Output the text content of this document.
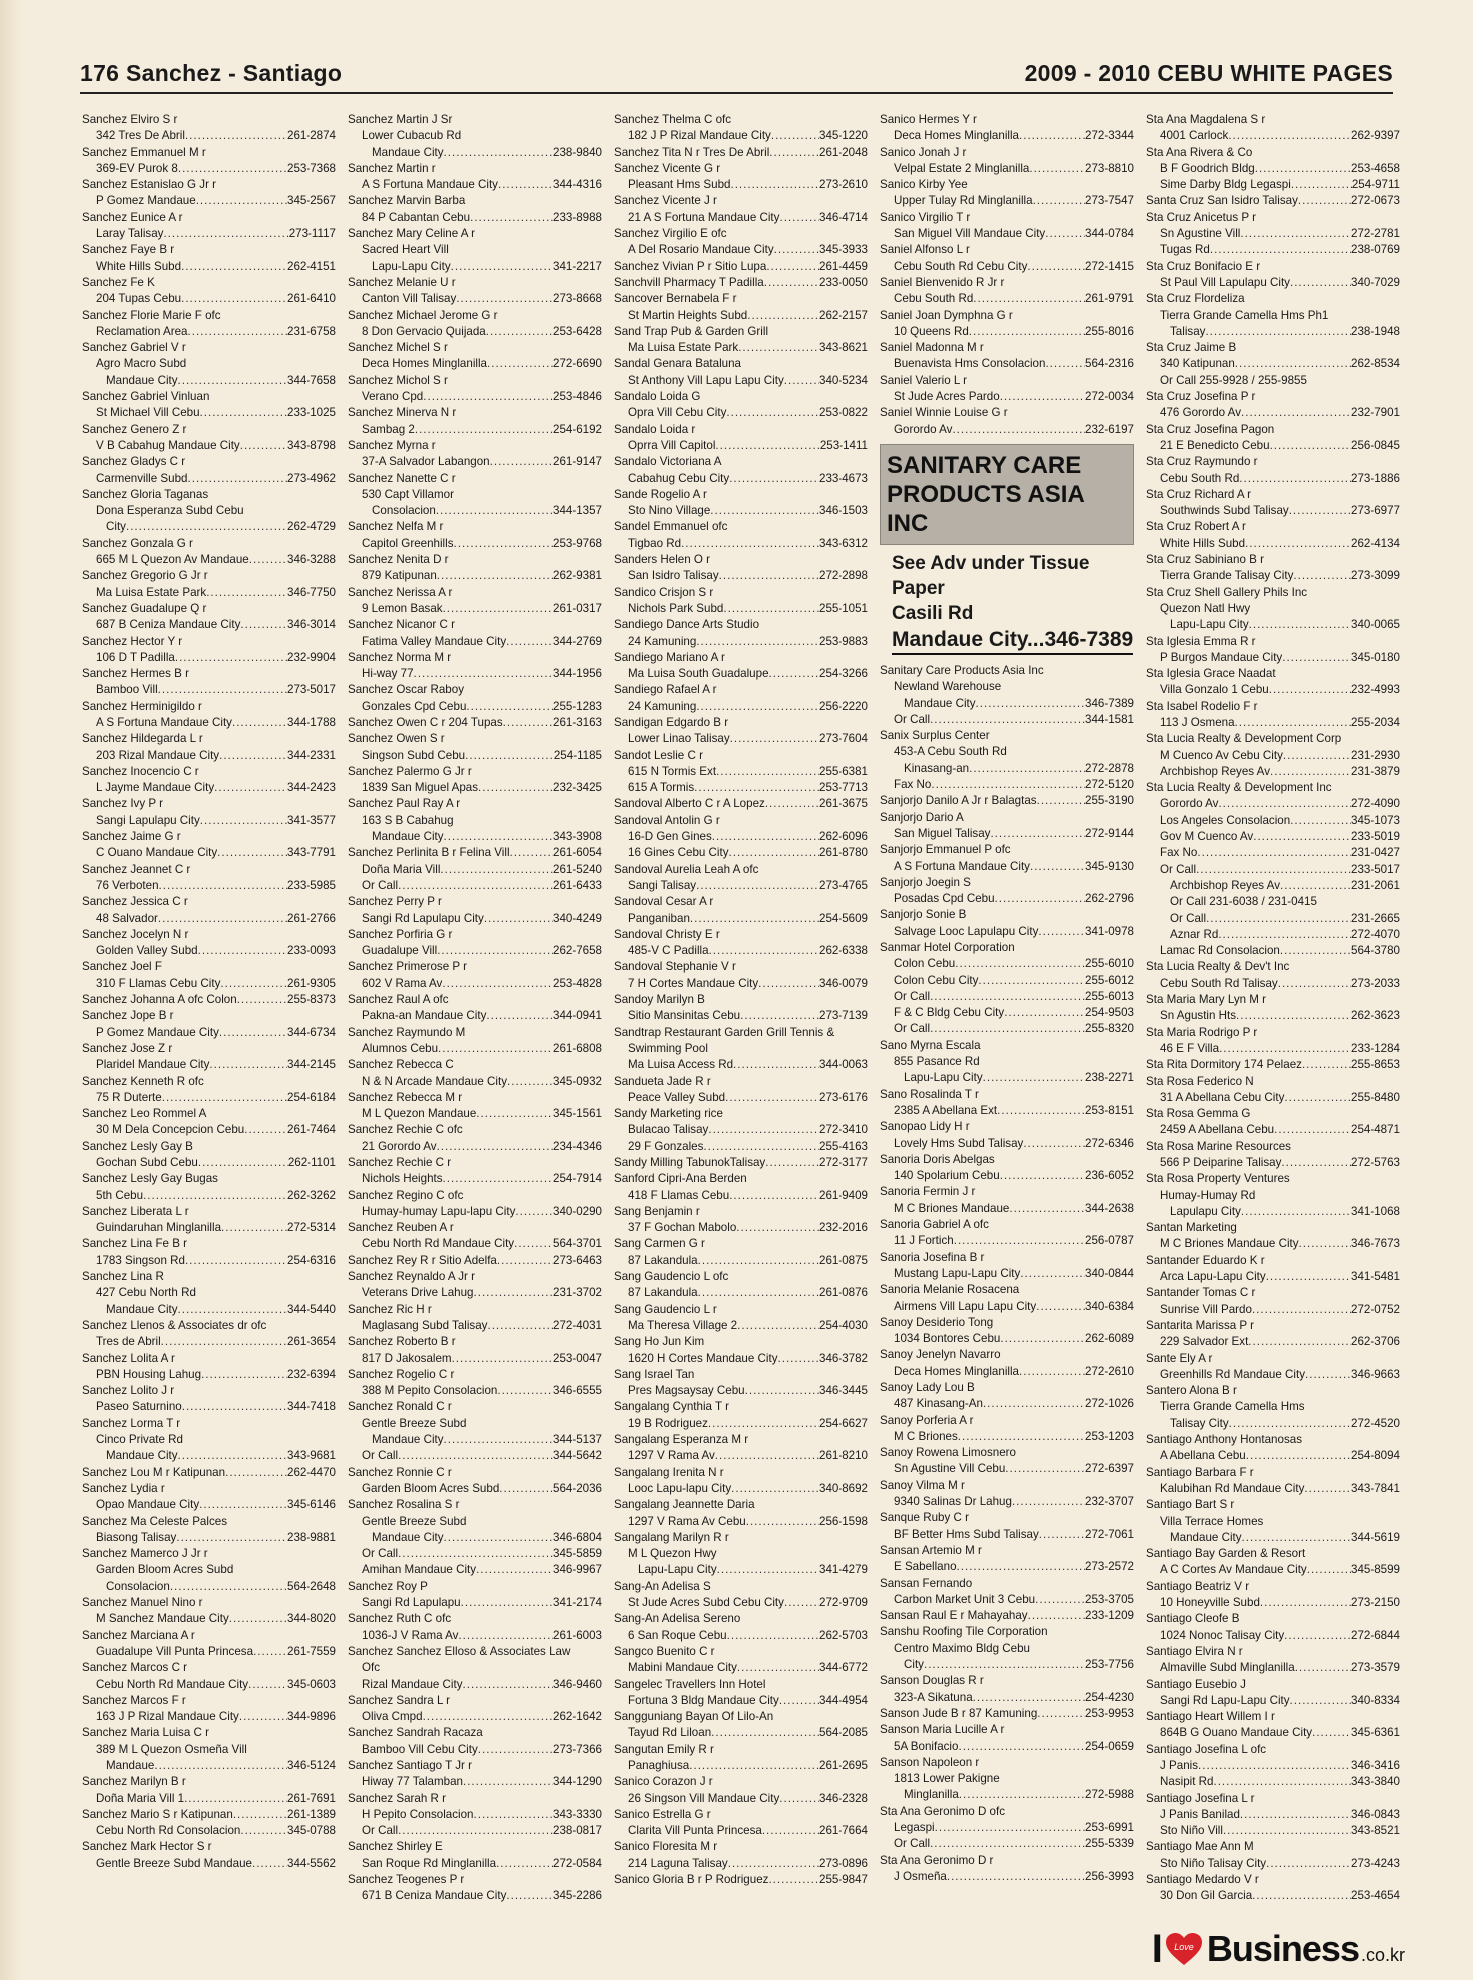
176 Sanchez - Santiago	2009 - 2010 CEBU WHITE PAGES
Sanchez Elviro S r
342 Tres De Abril .....	261-2874
Sanchez Emmanuel M r
369-EV Purok 8 .....	253-7368
Sanchez Estanislao G Jr r
P Gomez Mandaue .....	345-2567
Sanchez Eunice A r
Laray Talisay .....	273-1117
Sanchez Faye B r
White Hills Subd .....	262-4151
Sanchez Fe K
204 Tupas Cebu .....	261-6410
Sanchez Florie Marie F ofc
Reclamation Area .....	231-6758
Sanchez Gabriel V r
Agro Macro Subd
Mandaue City .....	344-7658
Sanchez Gabriel Vinluan
St Michael Vill Cebu .....	233-1025
Sanchez Genero Z r
V B Cabahug Mandaue City .....	343-8798
Sanchez Gladys C r
Carmenville Subd .....	273-4962
Sanchez Gloria Taganas
Dona Esperanza Subd Cebu
City .....	262-4729
Sanchez Gonzala G r
665 M L Quezon Av Mandaue .....	346-3288
Sanchez Gregorio G Jr r
Ma Luisa Estate Park .....	346-7750
Sanchez Guadalupe Q r
687 B Ceniza Mandaue City .....	346-3014
Sanchez Hector Y r
106 D T Padilla .....	232-9904
Sanchez Hermes B r
Bamboo Vill .....	273-5017
Sanchez Herminigildo r
A S Fortuna Mandaue City .....	344-1788
Sanchez Hildegarda L r
203 Rizal Mandaue City .....	344-2331
Sanchez Inocencio C r
L Jayme Mandaue City .....	344-2423
Sanchez Ivy P r
Sangi Lapulapu City .....	341-3577
Sanchez Jaime G r
C Ouano Mandaue City .....	343-7791
Sanchez Jeannet C r
76 Verboten .....	233-5985
Sanchez Jessica C r
48 Salvador .....	261-2766
Sanchez Jocelyn N r
Golden Valley Subd .....	233-0093
Sanchez Joel F
310 F Llamas Cebu City .....	261-9305
Sanchez Johanna A ofc Colon .....	255-8373
Sanchez Jope B r
P Gomez Mandaue City .....	344-6734
Sanchez Jose Z r
Plaridel Mandaue City .....	344-2145
Sanchez Kenneth R ofc
75 R Duterte .....	254-6184
Sanchez Leo Rommel A
30 M Dela Concepcion Cebu .....	261-7464
Sanchez Lesly Gay B
Gochan Subd Cebu .....	262-1101
Sanchez Lesly Gay Bugas
5th Cebu .....	262-3262
Sanchez Liberata L r
Guindaruhan Minglanilla .....	272-5314
Sanchez Lina Fe B r
1783 Singson Rd .....	254-6316
Sanchez Lina R
427 Cebu North Rd
Mandaue City .....	344-5440
Sanchez Llenos & Associates dr ofc
Tres de Abril .....	261-3654
Sanchez Lolita A r
PBN Housing Lahug .....	232-6394
Sanchez Lolito J r
Paseo Saturnino .....	344-7418
Sanchez Lorma T r
Cinco Private Rd
Mandaue City .....	343-9681
Sanchez Lou M r Katipunan .....	262-4470
Sanchez Lydia r
Opao Mandaue City .....	345-6146
Sanchez Ma Celeste Palces
Biasong Talisay .....	238-9881
Sanchez Mamerco J Jr r
Garden Bloom Acres Subd
Consolacion .....	564-2648
Sanchez Manuel Nino r
M Sanchez Mandaue City .....	344-8020
Sanchez Marciana A r
Guadalupe Vill Punta Princesa .....	261-7559
Sanchez Marcos C r
Cebu North Rd Mandaue City .....	345-0603
Sanchez Marcos F r
163 J P Rizal Mandaue City .....	344-9896
Sanchez Maria Luisa C r
389 M L Quezon Osmeña Vill
Mandaue .....	346-5124
Sanchez Marilyn B r
Doña Maria Vill 1 .....	261-7691
Sanchez Mario S r Katipunan .....	261-1389
Cebu North Rd Consolacion .....	345-0788
Sanchez Mark Hector S r
Gentle Breeze Subd Mandaue .....	344-5562
Sanchez Martin J Sr
Lower Cubacub Rd
Mandaue City .....	238-9840
Sanchez Martin r
A S Fortuna Mandaue City .....	344-4316
Sanchez Marvin Barba
84 P Cabantan Cebu .....	233-8988
Sanchez Mary Celine A r
Sacred Heart Vill
Lapu-Lapu City .....	341-2217
Sanchez Melanie U r
Canton Vill Talisay .....	273-8668
Sanchez Michael Jerome G r
8 Don Gervacio Quijada .....	253-6428
Sanchez Michel S r
Deca Homes Minglanilla .....	272-6690
Sanchez Michol S r
Verano Cpd .....	253-4846
Sanchez Minerva N r
Sambag 2 .....	254-6192
Sanchez Myrna r
37-A Salvador Labangon .....	261-9147
Sanchez Nanette C r
530 Capt Villamor
Consolacion .....	344-1357
Sanchez Nelfa M r
Capitol Greenhills .....	253-9768
Sanchez Nenita D r
879 Katipunan .....	262-9381
Sanchez Nerissa A r
9 Lemon Basak .....	261-0317
Sanchez Nicanor C r
Fatima Valley Mandaue City .....	344-2769
Sanchez Norma M r
Hi-way 77 .....	344-1956
Sanchez Oscar Raboy
Gonzales Cpd Cebu .....	255-1283
Sanchez Owen C r 204 Tupas .....	261-3163
Sanchez Owen S r
Singson Subd Cebu .....	254-1185
Sanchez Palermo G Jr r
1839 San Miguel Apas .....	232-3425
Sanchez Paul Ray A r
163 S B Cabahug
Mandaue City .....	343-3908
Sanchez Perlinita B r Felina Vill .....	261-6054
Doña Maria Vill .....	261-5240
Or Call .....	261-6433
Sanchez Perry P r
Sangi Rd Lapulapu City .....	340-4249
Sanchez Porfiria G r
Guadalupe Vill .....	262-7658
Sanchez Primerose P r
602 V Rama Av .....	253-4828
Sanchez Raul A ofc
Pakna-an Mandaue City .....	344-0941
Sanchez Raymundo M
Alumnos Cebu .....	261-6808
Sanchez Rebecca C
N & N Arcade Mandaue City .....	345-0932
Sanchez Rebecca M r
M L Quezon Mandaue .....	345-1561
Sanchez Rechie C ofc
21 Gorordo Av .....	234-4346
Sanchez Rechie C r
Nichols Heights .....	254-7914
Sanchez Regino C ofc
Humay-humay Lapu-lapu City .....	340-0290
Sanchez Reuben A r
Cebu North Rd Mandaue City .....	564-3701
Sanchez Rey R r Sitio Adelfa .....	273-6463
Sanchez Reynaldo A Jr r
Veterans Drive Lahug .....	231-3702
Sanchez Ric H r
Maglasang Subd Talisay .....	272-4031
Sanchez Roberto B r
817 D Jakosalem .....	253-0047
Sanchez Rogelio C r
388 M Pepito Consolacion .....	346-6555
Sanchez Ronald C r
Gentle Breeze Subd
Mandaue City .....	344-5137
Or Call .....	344-5642
Sanchez Ronnie C r
Garden Bloom Acres Subd .....	564-2036
Sanchez Rosalina S r
Gentle Breeze Subd
Mandaue City .....	346-6804
Or Call .....	345-5859
Amihan Mandaue City .....	346-9967
Sanchez Roy P
Sangi Rd Lapulapu .....	341-2174
Sanchez Ruth C ofc
1036-J V Rama Av .....	261-6003
Sanchez Sanchez Elloso & Associates Law
Ofc
Rizal Mandaue City .....	346-9460
Sanchez Sandra L r
Oliva Cmpd .....	262-1642
Sanchez Sandrah Racaza
Bamboo Vill Cebu City .....	273-7366
Sanchez Santiago T Jr r
Hiway 77 Talamban .....	344-1290
Sanchez Sarah R r
H Pepito Consolacion .....	343-3330
Or Call .....	238-0817
Sanchez Shirley E
San Roque Rd Minglanilla .....	272-0584
Sanchez Teogenes P r
671 B Ceniza Mandaue City .....	345-2286
Sanchez Thelma C ofc
182 J P Rizal Mandaue City .....	345-1220
Sanchez Tita N r Tres De Abril .....	261-2048
Sanchez Vicente G r
Pleasant Hms Subd .....	273-2610
Sanchez Vicente J r
21 A S Fortuna Mandaue City .....	346-4714
Sanchez Virgilio E ofc
A Del Rosario Mandaue City .....	345-3933
Sanchez Vivian P r Sitio Lupa .....	261-4459
Sanchvill Pharmacy T Padilla .....	233-0050
Sancover Bernabela F r
St Martin Heights Subd .....	262-2157
Sand Trap Pub & Garden Grill
Ma Luisa Estate Park .....	343-8621
Sandal Genara Bataluna
St Anthony Vill Lapu Lapu City .....	340-5234
Sandalo Loida G
Opra Vill Cebu City .....	253-0822
Sandalo Loida r
Oprra Vill Capitol .....	253-1411
Sandalo Victoriana A
Cabahug Cebu City .....	233-4673
Sande Rogelio A r
Sto Nino Village .....	346-1503
Sandel Emmanuel ofc
Tigbao Rd .....	343-6312
Sanders Helen O r
San Isidro Talisay .....	272-2898
Sandico Crisjon S r
Nichols Park Subd .....	255-1051
Sandiego Dance Arts Studio
24 Kamuning .....	253-9883
Sandiego Mariano A r
Ma Luisa South Guadalupe .....	254-3266
Sandiego Rafael A r
24 Kamuning .....	256-2220
Sandigan Edgardo B r
Lower Linao Talisay .....	273-7604
Sandot Leslie C r
615 N Tormis Ext .....	255-6381
615 A Tormis .....	253-7713
Sandoval Alberto C r A Lopez .....	261-3675
Sandoval Antolin G r
16-D Gen Gines .....	262-6096
16 Gines Cebu City .....	261-8780
Sandoval Aurelia Leah A ofc
Sangi Talisay .....	273-4765
Sandoval Cesar A r
Panganiban .....	254-5609
Sandoval Christy E r
485-V C Padilla .....	262-6338
Sandoval Stephanie V r
7 H Cortes Mandaue City .....	346-0079
Sandoy Marilyn B
Sitio Mansinitas Cebu .....	273-7139
Sandtrap Restaurant Garden Grill Tennis &
Swimming Pool
Ma Luisa Access Rd .....	344-0063
Sandueta Jade R r
Peace Valley Subd .....	273-6176
Sandy Marketing rice
Bulacao Talisay .....	272-3410
29 F Gonzales .....	255-4163
Sandy Milling TabunokTalisay .....	272-3177
Sanford Cipri-Ana Berden
418 F Llamas Cebu .....	261-9409
Sang Benjamin r
37 F Gochan Mabolo .....	232-2016
Sang Carmen G r
87 Lakandula .....	261-0875
Sang Gaudencio L ofc
87 Lakandula .....	261-0876
Sang Gaudencio L r
Ma Theresa Village 2 .....	254-4030
Sang Ho Jun Kim
1620 H Cortes Mandaue City .....	346-3782
Sang Israel Tan
Pres Magsaysay Cebu .....	346-3445
Sangalang Cynthia T r
19 B Rodriguez .....	254-6627
Sangalang Esperanza M r
1297 V Rama Av .....	261-8210
Sangalang Irenita N r
Looc Lapu-lapu City .....	340-8692
Sangalang Jeannette Daria
1297 V Rama Av Cebu .....	256-1598
Sangalang Marilyn R r
M L Quezon Hwy
Lapu-Lapu City .....	341-4279
Sang-An Adelisa S
St Jude Acres Subd Cebu City .....	272-9709
Sang-An Adelisa Sereno
6 San Roque Cebu .....	262-5703
Sangco Buenito C r
Mabini Mandaue City .....	344-6772
Sangelec Travellers Inn Hotel
Fortuna 3 Bldg Mandaue City .....	344-4954
Sangguniang Bayan Of Lilo-An
Tayud Rd Liloan .....	564-2085
Sangutan Emily R r
Panaghiusa .....	261-2695
Sanico Corazon J r
26 Singson Vill Mandaue City .....	346-2328
Sanico Estrella G r
Clarita Vill Punta Princesa .....	261-7664
Sanico Floresita M r
214 Laguna Talisay .....	273-0896
Sanico Gloria B r P Rodriguez .....	255-9847
Sanico Hermes Y r
Deca Homes Minglanilla .....	272-3344
Sanico Jonah J r
Velpal Estate 2 Minglanilla .....	273-8810
Sanico Kirby Yee
Upper Tulay Rd Minglanilla .....	273-7547
Sanico Virgilio T r
San Miguel Vill Mandaue City .....	344-0784
Saniel Alfonso L r
Cebu South Rd Cebu City .....	272-1415
Saniel Bienvenido R Jr r
Cebu South Rd .....	261-9791
Saniel Joan Dymphna G r
10 Queens Rd .....	255-8016
Saniel Madonna M r
Buenavista Hms Consolacion .....	564-2316
Saniel Valerio L r
St Jude Acres Pardo .....	272-0034
Saniel Winnie Louise G r
Gorordo Av .....	232-6197
SANITARY CARE
PRODUCTS ASIA
INC
See Adv under Tissue
Paper
Casili Rd
Mandaue City...346-7389
Sanitary Care Products Asia Inc
Newland Warehouse
Mandaue City .....	346-7389
Or Call .....	344-1581
Sanix Surplus Center
453-A Cebu South Rd
Kinasang-an .....	272-2878
Fax No .....	272-5120
Sanjorjo Danilo A Jr r Balagtas .....	255-3190
Sanjorjo Dario A
San Miguel Talisay .....	272-9144
Sanjorjo Emmanuel P ofc
A S Fortuna Mandaue City .....	345-9130
Sanjorjo Joegin S
Posadas Cpd Cebu .....	262-2796
Sanjorjo Sonie B
Salvage Looc Lapulapu City .....	341-0978
Sanmar Hotel Corporation
Colon Cebu .....	255-6010
Colon Cebu City .....	255-6012
Or Call .....	255-6013
F & C Bldg Cebu City .....	254-9503
Or Call .....	255-8320
Sano Myrna Escala
855 Pasance Rd
Lapu-Lapu City .....	238-2271
Sano Rosalinda T r
2385 A Abellana Ext .....	253-8151
Sanopao Lidy H r
Lovely Hms Subd Talisay .....	272-6346
Sanoria Doris Abelgas
140 Spolarium Cebu .....	236-6052
Sanoria Fermin J r
M C Briones Mandaue .....	344-2638
Sanoria Gabriel A ofc
11 J Fortich .....	256-0787
Sanoria Josefina B r
Mustang Lapu-Lapu City .....	340-0844
Sanoria Melanie Rosacena
Airmens Vill Lapu Lapu City .....	340-6384
Sanoy Desiderio Tong
1034 Bontores Cebu .....	262-6089
Sanoy Jenelyn Navarro
Deca Homes Minglanilla .....	272-2610
Sanoy Lady Lou B
487 Kinasang-An .....	272-1026
Sanoy Porferia A r
M C Briones .....	253-1203
Sanoy Rowena Limosnero
Sn Agustine Vill Cebu .....	272-6397
Sanoy Vilma M r
9340 Salinas Dr Lahug .....	232-3707
Sanque Ruby C r
BF Better Hms Subd Talisay .....	272-7061
Sansan Artemio M r
E Sabellano .....	273-2572
Sansan Fernando
Carbon Market Unit 3 Cebu .....	253-3705
Sansan Raul E r Mahayahay .....	233-1209
Sanshu Roofing Tile Corporation
Centro Maximo Bldg Cebu
City .....	253-7756
Sanson Douglas R r
323-A Sikatuna .....	254-4230
Sanson Jude B r 87 Kamuning .....	253-9953
Sanson Maria Lucille A r
5A Bonifacio .....	254-0659
Sanson Napoleon r
1813 Lower Pakigne
Minglanilla .....	272-5988
Sta Ana Geronimo D ofc
Legaspi .....	253-6991
Or Call .....	255-5339
Sta Ana Geronimo D r
J Osmeña .....	256-3993
Sta Ana Magdalena S r
4001 Carlock .....	262-9397
Sta Ana Rivera & Co
B F Goodrich Bldg .....	253-4658
Sime Darby Bldg Legaspi .....	254-9711
Santa Cruz San Isidro Talisay .....	272-0673
Sta Cruz Anicetus P r
Sn Agustine Vill .....	272-2781
Tugas Rd .....	238-0769
Sta Cruz Bonifacio E r
St Paul Vill Lapulapu City .....	340-7029
Sta Cruz Flordeliza
Tierra Grande Camella Hms Ph1
Talisay .....	238-1948
Sta Cruz Jaime B
340 Katipunan .....	262-8534
Or Call 255-9928 / 255-9855
Sta Cruz Josefina P r
476 Gorordo Av .....	232-7901
Sta Cruz Josefina Pagon
21 E Benedicto Cebu .....	256-0845
Sta Cruz Raymundo r
Cebu South Rd .....	273-1886
Sta Cruz Richard A r
Southwinds Subd Talisay .....	273-6977
Sta Cruz Robert A r
White Hills Subd .....	262-4134
Sta Cruz Sabiniano B r
Tierra Grande Talisay City .....	273-3099
Sta Cruz Shell Gallery Phils Inc
Quezon Natl Hwy
Lapu-Lapu City .....	340-0065
Sta Iglesia Emma R r
P Burgos Mandaue City .....	345-0180
Sta Iglesia Grace Naadat
Villa Gonzalo 1 Cebu .....	232-4993
Sta Isabel Rodelio F r
113 J Osmena .....	255-2034
Sta Lucia Realty & Development Corp
M Cuenco Av Cebu City .....	231-2930
Archbishop Reyes Av .....	231-3879
Sta Lucia Realty & Development Inc
Gorordo Av .....	272-4090
Los Angeles Consolacion .....	345-1073
Gov M Cuenco Av .....	233-5019
Fax No .....	231-0427
Or Call .....	233-5017
Archbishop Reyes Av .....	231-2061
Or Call 231-6038 / 231-0415
Or Call .....	231-2665
Aznar Rd .....	272-4070
Lamac Rd Consolacion .....	564-3780
Sta Lucia Realty & Dev't Inc
Cebu South Rd Talisay .....	273-2033
Sta Maria Mary Lyn M r
Sn Agustin Hts .....	262-3623
Sta Maria Rodrigo P r
46 E F Villa .....	233-1284
Sta Rita Dormitory 174 Pelaez .....	255-8653
Sta Rosa Federico N
31 A Abellana Cebu City .....	255-8480
Sta Rosa Gemma G
2459 A Abellana Cebu .....	254-4871
Sta Rosa Marine Resources
566 P Deiparine Talisay .....	272-5763
Sta Rosa Property Ventures
Humay-Humay Rd
Lapulapu City .....	341-1068
Santan Marketing
M C Briones Mandaue City .....	346-7673
Santander Eduardo K r
Arca Lapu-Lapu City .....	341-5481
Santander Tomas C r
Sunrise Vill Pardo .....	272-0752
Santarita Marissa P r
229 Salvador Ext .....	262-3706
Sante Ely A r
Greenhills Rd Mandaue City .....	346-9663
Santero Alona B r
Tierra Grande Camella Hms
Talisay City .....	272-4520
Santiago Anthony Hontanosas
A Abellana Cebu .....	254-8094
Santiago Barbara F r
Kalubihan Rd Mandaue City .....	343-7841
Santiago Bart S r
Villa Terrace Homes
Mandaue City .....	344-5619
Santiago Bay Garden & Resort
A C Cortes Av Mandaue City .....	345-8599
Santiago Beatriz V r
10 Honeyville Subd .....	273-2150
Santiago Cleofe B
1024 Nonoc Talisay City .....	272-6844
Santiago Elvira N r
Almaville Subd Minglanilla .....	273-3579
Santiago Eusebio J
Sangi Rd Lapu-Lapu City .....	340-8334
Santiago Heart Willem I r
864B G Ouano Mandaue City .....	345-6361
Santiago Josefina L ofc
J Panis .....	346-3416
Nasipit Rd .....	343-3840
Santiago Josefina L r
J Panis Banilad .....	346-0843
Sto Niño Vill .....	343-8521
Santiago Mae Ann M
Sto Niño Talisay City .....	273-4243
Santiago Medardo V r
30 Don Gil Garcia .....	253-4654
I Love Business .co.kr
